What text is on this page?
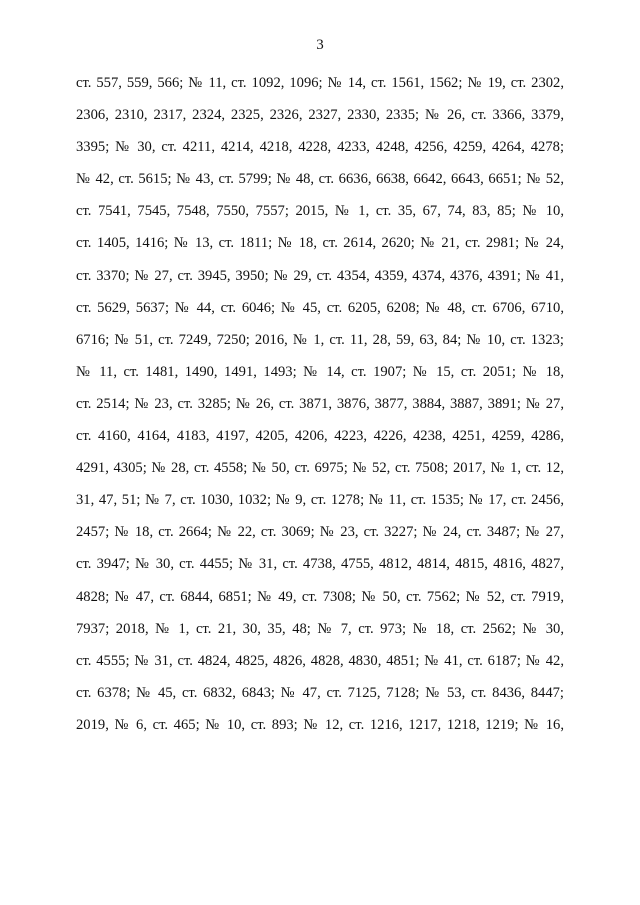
3
ст. 557, 559, 566; № 11, ст. 1092, 1096; № 14, ст. 1561, 1562; № 19, ст. 2302,
2306, 2310, 2317, 2324, 2325, 2326, 2327, 2330, 2335; № 26, ст. 3366, 3379,
3395; № 30, ст. 4211, 4214, 4218, 4228, 4233, 4248, 4256, 4259, 4264, 4278;
№ 42, ст. 5615; № 43, ст. 5799; № 48, ст. 6636, 6638, 6642, 6643, 6651; № 52,
ст. 7541, 7545, 7548, 7550, 7557; 2015, № 1, ст. 35, 67, 74, 83, 85; № 10,
ст. 1405, 1416; № 13, ст. 1811; № 18, ст. 2614, 2620; № 21, ст. 2981; № 24,
ст. 3370; № 27, ст. 3945, 3950; № 29, ст. 4354, 4359, 4374, 4376, 4391; № 41,
ст. 5629, 5637; № 44, ст. 6046; № 45, ст. 6205, 6208; № 48, ст. 6706, 6710,
6716; № 51, ст. 7249, 7250; 2016, № 1, ст. 11, 28, 59, 63, 84; № 10, ст. 1323;
№ 11, ст. 1481, 1490, 1491, 1493; № 14, ст. 1907; № 15, ст. 2051; № 18,
ст. 2514; № 23, ст. 3285; № 26, ст. 3871, 3876, 3877, 3884, 3887, 3891; № 27,
ст. 4160, 4164, 4183, 4197, 4205, 4206, 4223, 4226, 4238, 4251, 4259, 4286,
4291, 4305; № 28, ст. 4558; № 50, ст. 6975; № 52, ст. 7508; 2017, № 1, ст. 12,
31, 47, 51; № 7, ст. 1030, 1032; № 9, ст. 1278; № 11, ст. 1535; № 17, ст. 2456,
2457; № 18, ст. 2664; № 22, ст. 3069; № 23, ст. 3227; № 24, ст. 3487; № 27,
ст. 3947; № 30, ст. 4455; № 31, ст. 4738, 4755, 4812, 4814, 4815, 4816, 4827,
4828; № 47, ст. 6844, 6851; № 49, ст. 7308; № 50, ст. 7562; № 52, ст. 7919,
7937; 2018, № 1, ст. 21, 30, 35, 48; № 7, ст. 973; № 18, ст. 2562; № 30,
ст. 4555; № 31, ст. 4824, 4825, 4826, 4828, 4830, 4851; № 41, ст. 6187; № 42,
ст. 6378; № 45, ст. 6832, 6843; № 47, ст. 7125, 7128; № 53, ст. 8436, 8447;
2019, № 6, ст. 465; № 10, ст. 893; № 12, ст. 1216, 1217, 1218, 1219; № 16,
